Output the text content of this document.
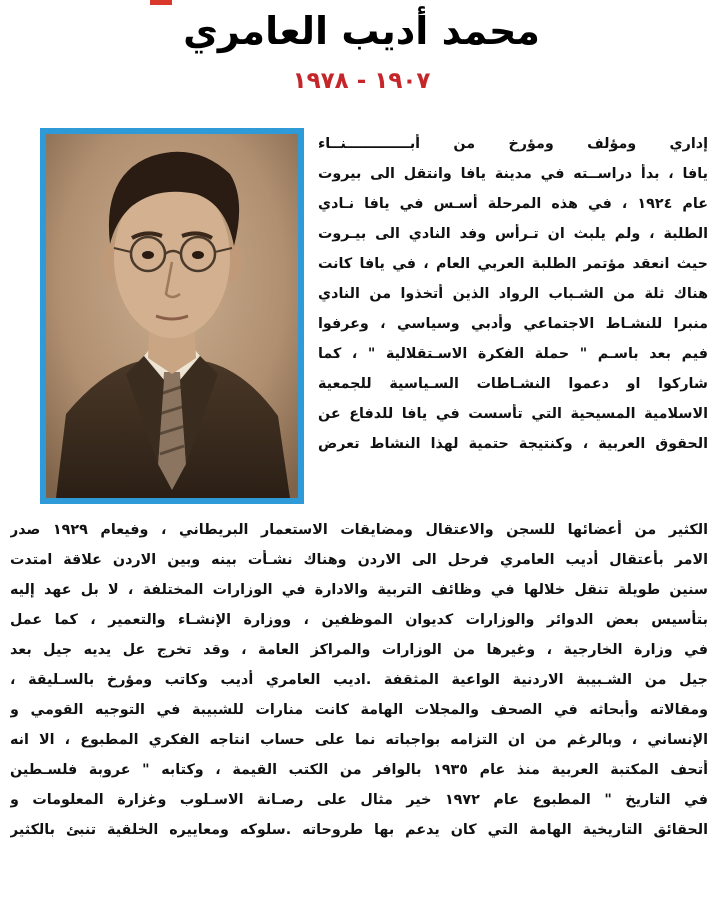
محمد أديب العامري
١٩٠٧ - ١٩٧٨
إداري ومؤلف ومؤرخ من أبـــــــــــــنــاء
يافا ، بدأ دراســته في مدينة يافا وانتقل الى بيروت
عام ١٩٢٤ ، في هذه المرحلة أسـس في يافا نـادي
الطلبة ، ولم يلبث ان تـرأس وفد النادي الى بيـروت
حيث انعقد مؤتمر الطلبة العربي العام ، في يافا كانت
هناك ثلة من الشـباب الرواد الذين أتخذوا من النادي
منبرا للنشـاط الاجتماعي وأدبي وسياسي ، وعرفوا
فيم بعد باسـم " حملة الفكرة الاسـتقلالية " ، كما
شاركوا او دعموا النشـاطات السـياسية للجمعية
الاسلامية المسيحية التي تأسست في يافا للدفاع عن
الحقوق العربية ، وكنتيجة حتمية لهذا النشاط تعرض
الكثير من أعضائها للسجن والاعتقال ومضايقات الاستعمار البريطاني ، وفيعام ١٩٢٩ صدر
الامر بأعتقال أديب العامري فرحل الى الاردن وهناك نشـأت بينه وبين الاردن علاقة امتدت
سنين طويلة تنقل خلالها في وظائف التربية والادارة في الوزارات المختلفة ، لا بل عهد إليه
بتأسيس بعض الدوائر والوزارات كديوان الموظفين ، ووزارة الإنشـاء والتعمير ، كما عمل
في وزارة الخارجية ، وغيرها من الوزارات والمراكز العامة ، وقد تخرج عل يديه جيل بعد
جيل من الشـبيبة الاردنية الواعية المثقفة .اديب العامري أديب وكاتب ومؤرخ بالسـليقة ،
ومقالاته وأبحاثه في الصحف والمجلات الهامة كانت منارات للشبيبة في التوجيه القومي و
الإنساني ، وبالرغم من ان التزامه بواجباته نما على حساب انتاجه الفكري المطبوع ، الا انه
أتحف المكتبة العربية منذ عام ١٩٣٥ بالوافر من الكتب القيمة ، وكتابه " عروبة فلسـطين
في التاريخ " المطبوع عام ١٩٧٢ خير مثال على رصـانة الاسـلوب وغزارة المعلومات و
الحقائق التاريخية الهامة التي كان يدعم بها طروحاته .سلوكه ومعاييره الخلقية تنبئ بالكثير
